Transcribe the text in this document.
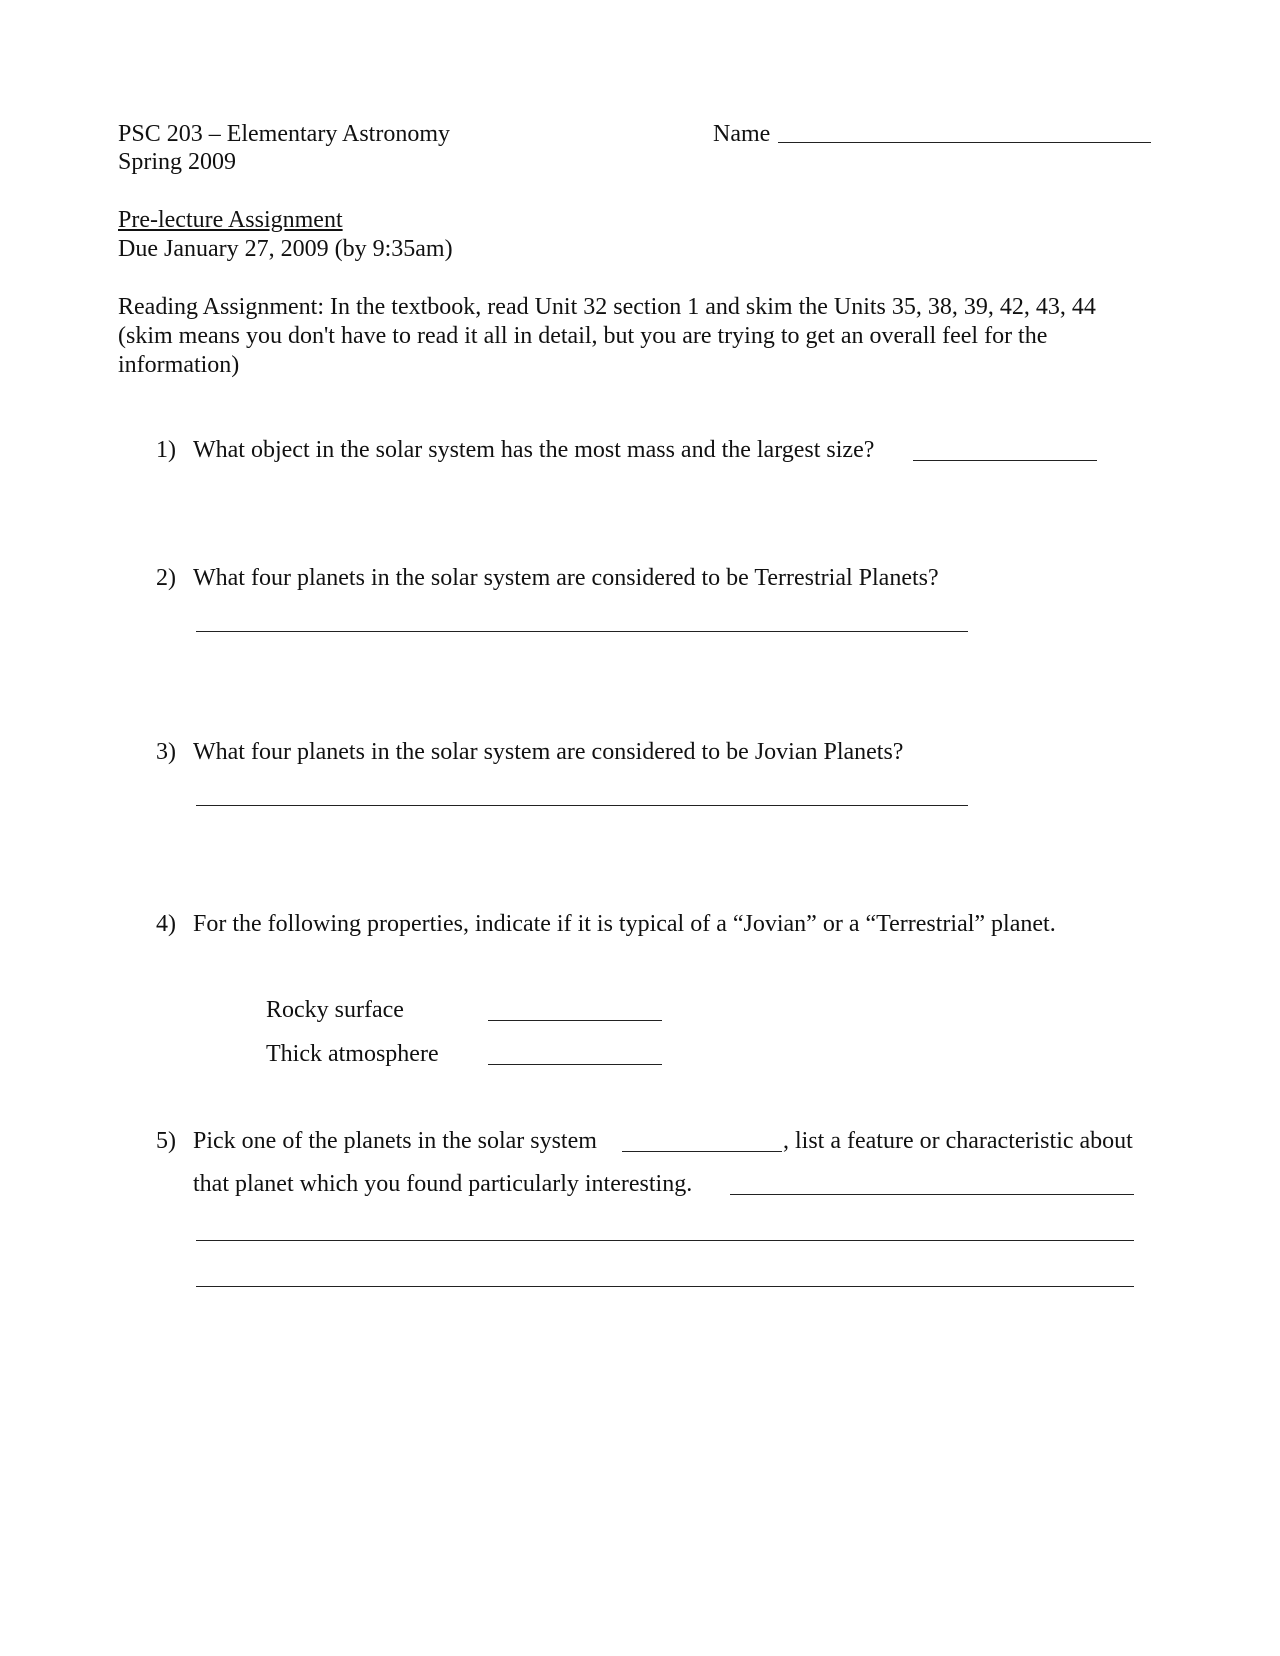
PSC 203 – Elementary Astronomy
Spring 2009
Name
Pre-lecture Assignment
Due January 27, 2009 (by 9:35am)
Reading Assignment: In the textbook, read Unit 32 section 1 and skim the Units 35, 38, 39, 42, 43, 44
(skim means you don't have to read it all in detail, but you are trying to get an overall feel for the
information)
1) What object in the solar system has the most mass and the largest size?
2) What four planets in the solar system are considered to be Terrestrial Planets?
3) What four planets in the solar system are considered to be Jovian Planets?
4) For the following properties, indicate if it is typical of a “Jovian” or a “Terrestrial” planet.
Rocky surface
Thick atmosphere
5) Pick one of the planets in the solar system	, list a feature or characteristic about
that planet which you found particularly interesting.
